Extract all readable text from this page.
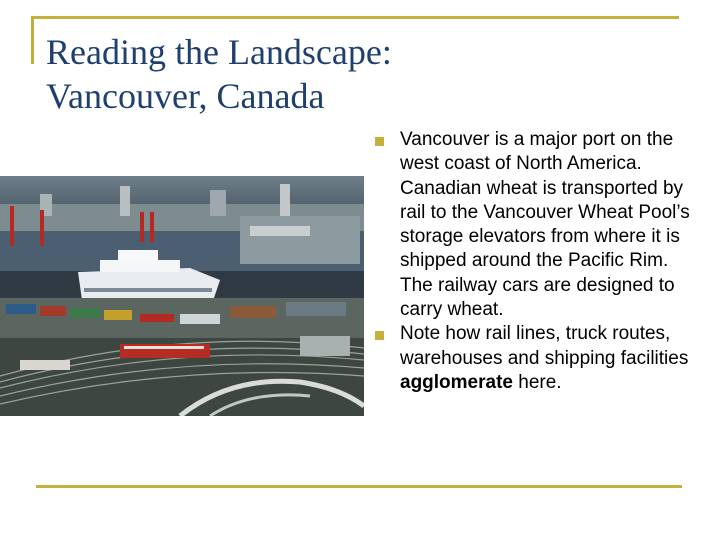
Reading the Landscape:
Vancouver, Canada
Vancouver is a major port on the west coast of North America. Canadian wheat is transported by rail to the Vancouver Wheat Pool’s storage elevators from where it is shipped around the Pacific Rim. The railway cars are designed to carry wheat.
Note how rail lines, truck routes, warehouses and shipping facilities agglomerate here.
